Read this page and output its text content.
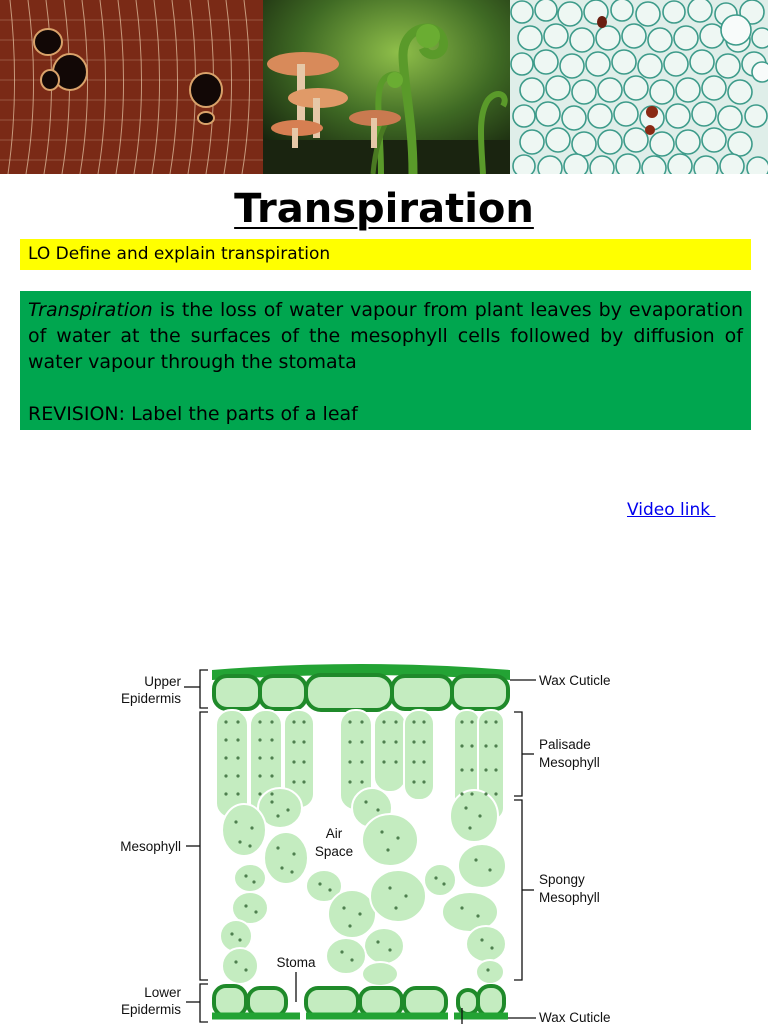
Transpiration
LO Define and explain transpiration

Transpiration is the loss of water vapour from plant leaves by evaporation of water at the surfaces of the mesophyll cells followed by diffusion of water vapour through the stomata

REVISION: Label the parts of a leaf

Video link
Upper
Epidermis
Mesophyll
Lower
Epidermis
Wax Cuticle
Palisade
Mesophyll
Spongy
Mesophyll
Air
Space
Stoma
Wax Cuticle
